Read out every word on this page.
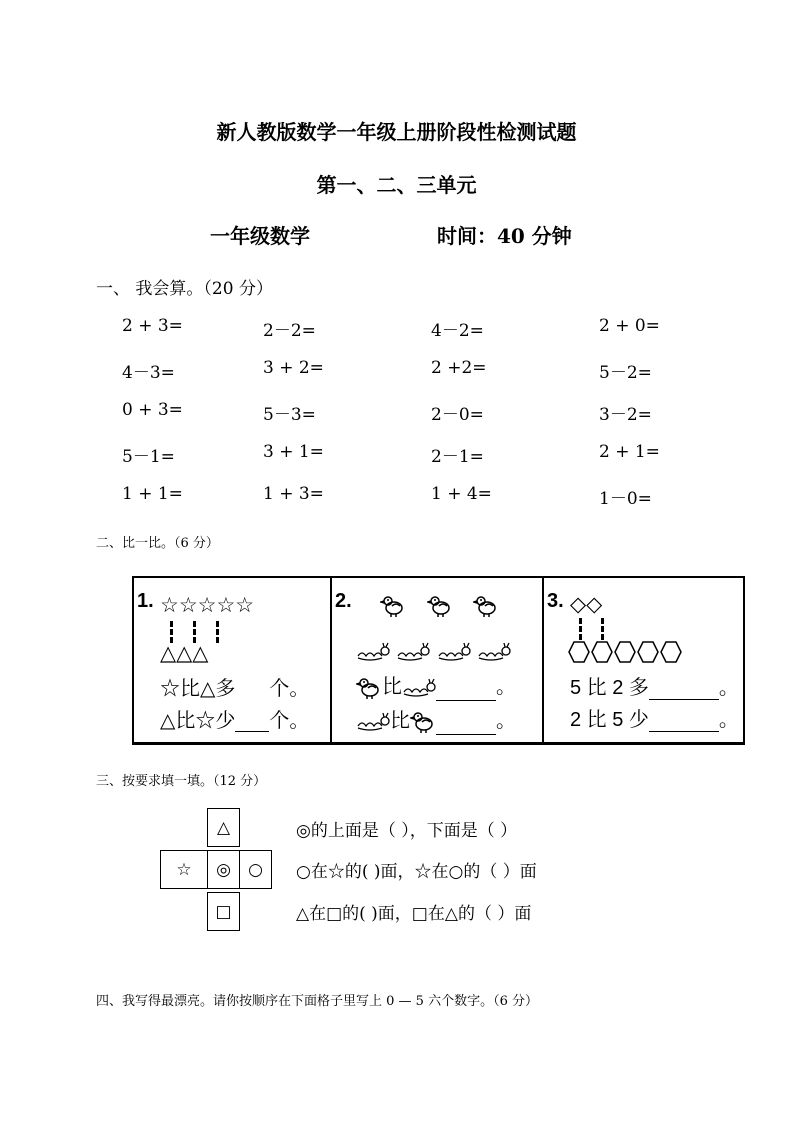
新人教版数学一年级上册阶段性检测试题
第一、二、三单元
一年级数学	时间：40 分钟
一、 我会算。（20 分）
2 + 3=	2－2=	4－2=	2 + 0=
4－3=	3 + 2=	2 +2=	5－2=
0 + 3=	5－3=	2－0=	3－2=
5－1=	3 + 1=	2－1=	2 + 1=
1 + 1=	1 + 3=	1 + 4=	1－0=
二、比一比。（6 分）
1. ☆☆☆☆☆
△△△
☆比△多 个。
△比☆少 个。
2.

比	。
比	。
3. ◇◇
5 比 2 多	。
2 比 5 少	。
三、按要求填一填。（12 分）
△
☆	◎	○
□
◎的上面是（ ），下面是（ ）
○在☆的( )面，☆在○的（ ）面
△在□的( )面，□在△的（ ）面
四、我写得最漂亮。请你按顺序在下面格子里写上 0 — 5 六个数字。（6 分）
